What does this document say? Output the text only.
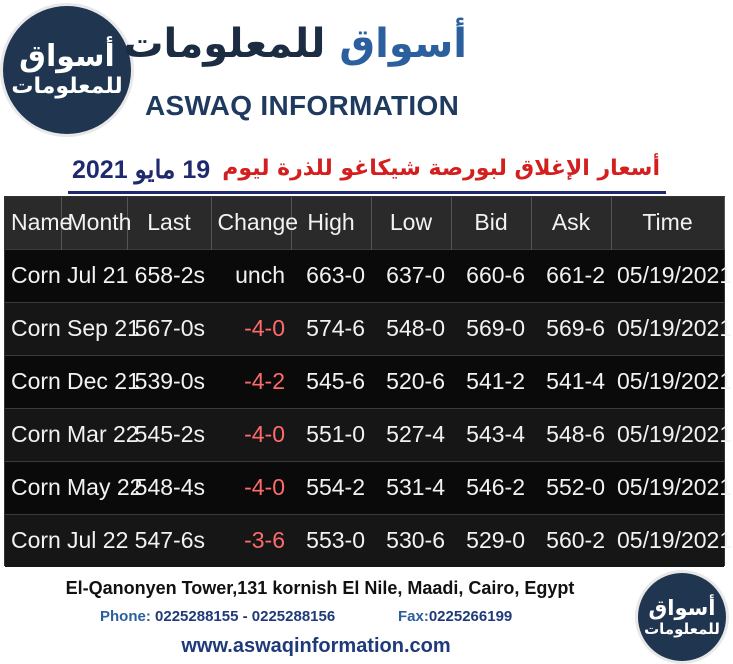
أسواق
للمعلومات
أسواق للمعلومات
ASWAQ INFORMATION
أسعار الإغلاق لبورصة شيكاغو للذرة ليوم
19 مايو 2021
Name	Month	Last	Change	High	Low	Bid	Ask	Time
Corn	Jul 21	658-2s	unch	663-0	637-0	660-6	661-2	05/19/2021
Corn	Sep 21	567-0s	-4-0	574-6	548-0	569-0	569-6	05/19/2021
Corn	Dec 21	539-0s	-4-2	545-6	520-6	541-2	541-4	05/19/2021
Corn	Mar 22	545-2s	-4-0	551-0	527-4	543-4	548-6	05/19/2021
Corn	May 22	548-4s	-4-0	554-2	531-4	546-2	552-0	05/19/2021
Corn	Jul 22	547-6s	-3-6	553-0	530-6	529-0	560-2	05/19/2021
El-Qanonyen Tower,131 kornish El Nile, Maadi, Cairo, Egypt
Phone: 0225288155 - 0225288156	Fax:0225266199
www.aswaqinformation.com
أسواق
للمعلومات
